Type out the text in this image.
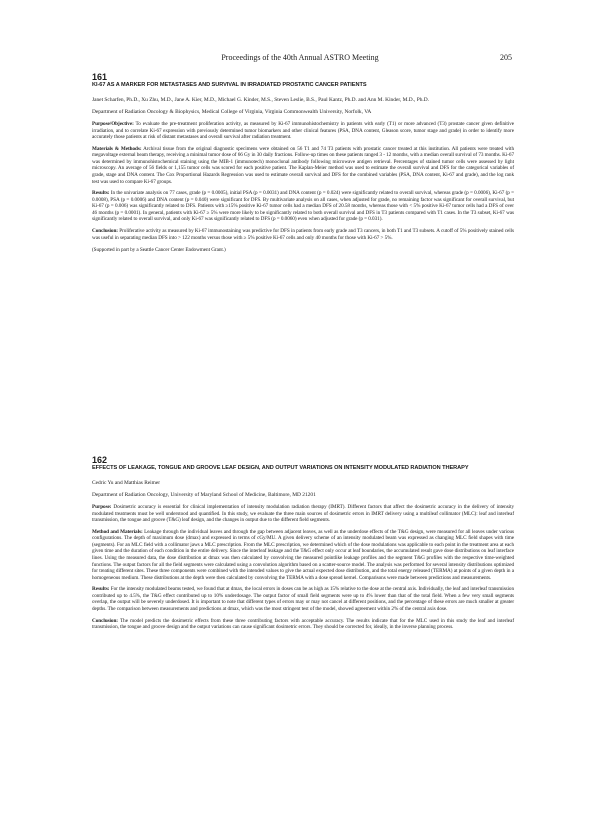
Proceedings of the 40th Annual ASTRO Meeting	205
161
KI-67 AS A MARKER FOR METASTASES AND SURVIVAL IN IRRADIATED PROSTATIC CANCER PATIENTS
Janet Scharfen, Ph.D., Xu Zhu, M.D., Jane A. Kier, M.D., Michael G. Kinder, M.S., Steven Leslie, B.S., Paul Kantz, Ph.D. and Ann M. Kinder, M.D., Ph.D.
Department of Radiation Oncology & Biophysics, Medical College of Virginia, Virginia Commonwealth University, Norfolk, VA

Purpose/Objective: To evaluate the pre-treatment proliferation activity, as measured by Ki-67 immunohistochemistry in patients with early (T1) or more advanced (T3) prostate cancer given definitive irradiation, and to correlate Ki-67 expression with previously determined tumor biomarkers and other clinical features (PSA, DNA content, Gleason score, tumor stage and grade) in order to identify more accurately those patients at risk of distant metastases and overall survival after radiation treatment.

Materials & Methods: Archival tissue from the original diagnostic specimens were obtained on 56 T1 and 74 T3 patients with prostatic cancer treated at this institution. All patients were treated with megavoltage external beam therapy, receiving a minimal tumor dose of 66 Gy in 30 daily fractions. Follow-up times on these patients ranged 3 - 12 months, with a median overall survival of 73 months. Ki-67 was determined by immunohistochemical staining using the MIB-1 (immunotech) monoclonal antibody following microwave antigen retrieval. Percentages of stained tumor cells were assessed by light microscopy. An average of 56 fields or 1,155 tumor cells was scored for each positive patient. The Kaplan-Meier method was used to estimate the overall survival and DFS for the categorical variables of grade, stage and DNA content. The Cox Proportional Hazards Regression was used to estimate overall survival and DFS for the combined variables (PSA, DNA content, Ki-67 and grade), and the log rank test was used to compare Ki-67 groups.

Results: In the univariate analysis on 77 cases, grade (p = 0.0005), initial PSA (p = 0.0031) and DNA content (p = 0.024) were significantly related to overall survival, whereas grade (p = 0.0006), Ki-67 (p = 0.0008), PSA (p = 0.0006) and DNA content (p = 0.040) were significant for DFS. By multivariate analysis on all cases, when adjusted for grade, no remaining factor was significant for overall survival, but Ki-67 (p = 0.006) was significantly related to DFS. Patients with ≥15% positive Ki-67 tumor cells had a median DFS of 20.58 months, whereas those with < 5% positive Ki-67 tumor cells had a DFS of over 46 months (p = 0.0001). In general, patients with Ki-67 ≥ 5% were more likely to be significantly related to both overall survival and DFS in T3 patients compared with T1 cases. In the T3 subset, Ki-67 was significantly related to overall survival, and only Ki-67 was significantly related to DFS (p = 0.0060) even when adjusted for grade (p = 0.031).

Conclusion: Proliferative activity as measured by Ki-67 immunostaining was predictive for DFS in patients from early grade and T3 cancers, in both T1 and T3 subsets. A cutoff of 5% positively stained cells was useful in separating median DFS into > 122 months versus those with ≥ 5% positive Ki-67 cells and only 40 months for those with Ki-67 > 5%.

(Supported in part by a Seattle Cancer Center Endowment Grant.)

162
EFFECTS OF LEAKAGE, TONGUE AND GROOVE LEAF DESIGN, AND OUTPUT VARIATIONS ON INTENSITY MODULATED RADIATION THERAPY
Cedric Yu and Matthias Reimer
Department of Radiation Oncology, University of Maryland School of Medicine, Baltimore, MD 21201

Purpose: Dosimetric accuracy is essential for clinical implementation of intensity modulation radiation therapy (IMRT). Different factors that affect the dosimetric accuracy in the delivery of intensity modulated treatments must be well understood and quantified. In this study, we evaluate the three main sources of dosimetric errors in IMRT delivery using a multileaf collimator (MLC): leaf and interleaf transmission, the tongue and groove (T&G) leaf design, and the changes in output due to the different field segments.

Method and Materials: Leakage through the individual leaves and through the gap between adjacent leaves, as well as the underdose effects of the T&G design, were measured for all leaves under various configurations. The depth of maximum dose (dmax) and expressed in terms of cGy/MU. A given delivery scheme of an intensity modulated beam was expressed as changing MLC field shapes with time (segments). For an MLC field with a collimator jaws a MLC prescription. From the MLC prescription, we determined which of the dose modulations was applicable to each point in the treatment area at each given time and the duration of each condition in the entire delivery. Since the interleaf leakage and the T&G effect only occur at leaf boundaries, the accumulated result gave dose distributions on leaf interface lines. Using the measured data, the dose distribution at dmax was then calculated by convolving the measured pointlike leakage profiles and the segment T&G profiles with the respective time-weighted functions. The output factors for all the field segments were calculated using a convolution algorithm based on a scatter-source model. The analysis was performed for several intensity distributions optimized for treating different sites. These three components were combined with the intended values to give the actual expected dose distribution, and the total energy released (TERMA) at points of a given depth in a homogeneous medium. These distributions at the depth were then calculated by convolving the TERMA with a dose spread kernel. Comparisons were made between predictions and measurements.

Results: For the intensity modulated beams tested, we found that at dmax, the local errors in doses can be as high as 15% relative to the dose at the central axis. Individually, the leaf and interleaf transmission contributed up to 4.5%, the T&G effect contributed up to 10% underdosage. The output factor of small field segments were up to 4% lower than that of the total field. When a few very small segments overlap, the output will be severely underdosed. It is important to note that different types of errors may or may not cancel at different positions, and the percentage of these errors are much smaller at greater depths. The comparison between measurements and predictions at dmax, which was the most stringent test of the model, showed agreement within 2% of the central axis dose.

Conclusion: The model predicts the dosimetric effects from these three contributing factors with acceptable accuracy. The results indicate that for the MLC used in this study the leaf and interleaf transmission, the tongue and groove design and the output variations can cause significant dosimetric errors. They should be corrected for, ideally, in the inverse planning process.
